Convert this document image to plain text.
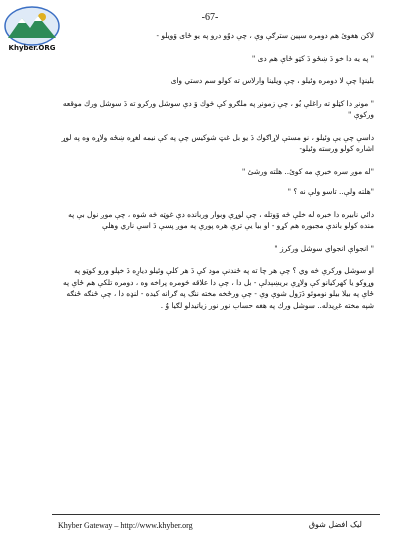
Khyber.ORG
-67-

لاكن هغوئ هم دومره سپين سترګې وې ، چې دوُو درو په يو ځاى وَويلو -

" په يه دا خو دَ ښځو دَ كټو ځاې هم دى "

بلينډا چې لا دومره وئيلو ، چې ويلينا وارلاس ته كولو سم دستي واى

" مونږ دا كټلو ته راغلې يُو ، چې زمونږ په ملګرو كې څوك وَ دې سوشل وركرو ته دَ سوشل ورك موقعه وركوې "

داسې چې يې وئيلو ، نو مستې لاړاګوك دَ يو بل غټ شوكيس چې په كې نيمه لغړه ښځه ولاړه وه په لوړ اشاره كولو ورسته وئيلو-

"له موږ سره خبرې مه كوئ.. هلته ورشئ "

"هلته ولې.. تاسو ولې نه ؟ "

دائي نابيره دا خبره له خلې څه وَوتله ، چې لوړې وبوار وربانده دې غوټه څه شوه ، چې موږ نول بې په منده كولو باندې مجبوره هم كړو - او بيا يې ترې هره پورې په موږ پسې دَ اسې ناري وهلې

" انجواې انجواي سوشل وركرز "

او سوشل وركرې څه وي ؟ چې هر چا ته په ځندنې مود كې دَ هر كلې وئيلو ديارِه دَ خپلو ورو كوټو په وړوكو يا كهركيانو كې ولاړې بريښېدلې - بل دا ، چې دا علاقه څومره پراخه وه ، دومره تلكې هم ځاې په ځاې په بيلا بيلو نوموئو دَرَول شوې وې - چې ورځخه مخته ننګ په ګرانه كيده - لنډه دا ، چې ځنګه ځنګه شپه مخته غږيدله.. سوشل ورك په هغه حساب نور نور زياتيدلو لګيا وُ .

Khyber Gateway – http://www.khyber.org	ليک افضل شوق
